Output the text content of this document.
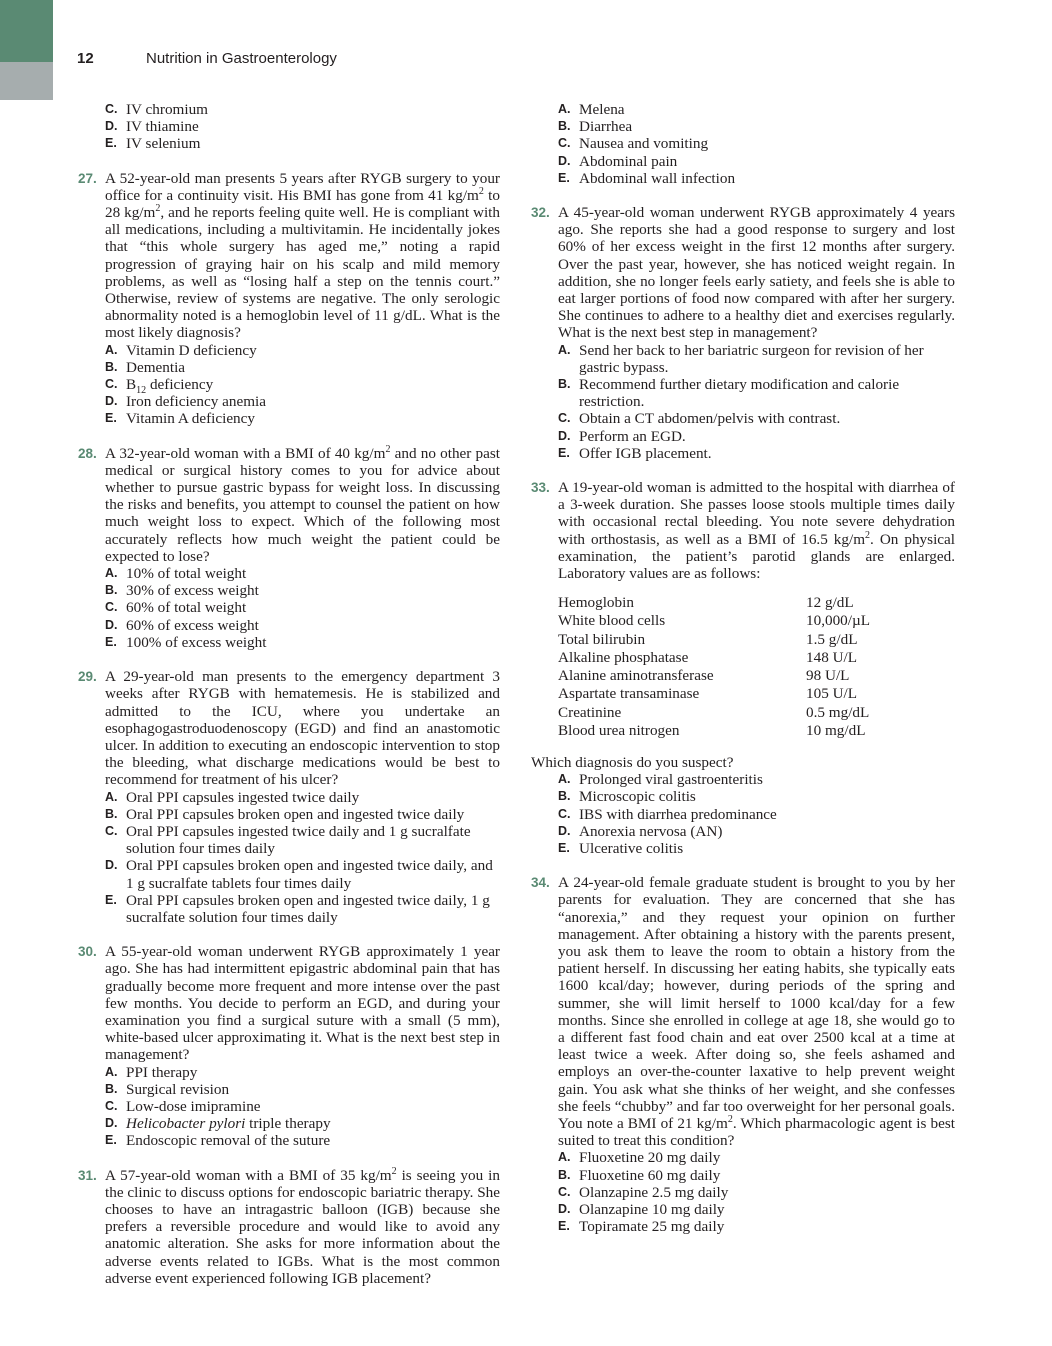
12	Nutrition in Gastroenterology
C. IV chromium
D. IV thiamine
E. IV selenium
27. A 52-year-old man presents 5 years after RYGB surgery to your office for a continuity visit. His BMI has gone from 41 $kg/m^2$ to 28 $kg/m^2$, and he reports feeling quite well. He is compliant with all medications, including a multivitamin. He incidentally jokes that “this whole surgery has aged me,” noting a rapid progression of graying hair on his scalp and mild memory problems, as well as “losing half a step on the tennis court.” Otherwise, review of systems are negative. The only serologic abnormality noted is a hemoglobin level of 11 g/dL. What is the most likely diagnosis?
A. Vitamin D deficiency
B. Dementia
C. $B_{12}$ deficiency
D. Iron deficiency anemia
E. Vitamin A deficiency
28. A 32-year-old woman with a BMI of 40 $kg/m^2$ and no other past medical or surgical history comes to you for advice about whether to pursue gastric bypass for weight loss. In discussing the risks and benefits, you attempt to counsel the patient on how much weight loss to expect. Which of the following most accurately reflects how much weight the patient could be expected to lose?
A. 10% of total weight
B. 30% of excess weight
C. 60% of total weight
D. 60% of excess weight
E. 100% of excess weight
29. A 29-year-old man presents to the emergency department 3 weeks after RYGB with hematemesis. He is stabilized and admitted to the ICU, where you undertake an esophagogastroduodenoscopy (EGD) and find an anastomotic ulcer. In addition to executing an endoscopic intervention to stop the bleeding, what discharge medications would be best to recommend for treatment of his ulcer?
A. Oral PPI capsules ingested twice daily
B. Oral PPI capsules broken open and ingested twice daily
C. Oral PPI capsules ingested twice daily and 1 g sucralfate solution four times daily
D. Oral PPI capsules broken open and ingested twice daily, and 1 g sucralfate tablets four times daily
E. Oral PPI capsules broken open and ingested twice daily, 1 g sucralfate solution four times daily
30. A 55-year-old woman underwent RYGB approximately 1 year ago. She has had intermittent epigastric abdominal pain that has gradually become more frequent and more intense over the past few months. You decide to perform an EGD, and during your examination you find a surgical suture with a small (5 mm), white-based ulcer approximating it. What is the next best step in management?
A. PPI therapy
B. Surgical revision
C. Low-dose imipramine
D. Helicobacter pylori triple therapy
E. Endoscopic removal of the suture
31. A 57-year-old woman with a BMI of 35 $kg/m^2$ is seeing you in the clinic to discuss options for endoscopic bariatric therapy. She chooses to have an intragastric balloon (IGB) because she prefers a reversible procedure and would like to avoid any anatomic alteration. She asks for more information about the adverse events related to IGBs. What is the most common adverse event experienced following IGB placement?
A. Melena
B. Diarrhea
C. Nausea and vomiting
D. Abdominal pain
E. Abdominal wall infection
32. A 45-year-old woman underwent RYGB approximately 4 years ago. She reports she had a good response to surgery and lost 60% of her excess weight in the first 12 months after surgery. Over the past year, however, she has noticed weight regain. In addition, she no longer feels early satiety, and feels she is able to eat larger portions of food now compared with after her surgery. She continues to adhere to a healthy diet and exercises regularly. What is the next best step in management?
A. Send her back to her bariatric surgeon for revision of her gastric bypass.
B. Recommend further dietary modification and calorie restriction.
C. Obtain a CT abdomen/pelvis with contrast.
D. Perform an EGD.
E. Offer IGB placement.
33. A 19-year-old woman is admitted to the hospital with diarrhea of a 3-week duration. She passes loose stools multiple times daily with occasional rectal bleeding. You note severe dehydration with orthostasis, as well as a BMI of 16.5 $kg/m^2$. On physical examination, the patient’s parotid glands are enlarged. Laboratory values are as follows:
Hemoglobin	12 g/dL
White blood cells	10,000/µL
Total bilirubin	1.5 g/dL
Alkaline phosphatase	148 U/L
Alanine aminotransferase	98 U/L
Aspartate transaminase	105 U/L
Creatinine	0.5 mg/dL
Blood urea nitrogen	10 mg/dL
Which diagnosis do you suspect?
A. Prolonged viral gastroenteritis
B. Microscopic colitis
C. IBS with diarrhea predominance
D. Anorexia nervosa (AN)
E. Ulcerative colitis
34. A 24-year-old female graduate student is brought to you by her parents for evaluation. They are concerned that she has “anorexia,” and they request your opinion on further management. After obtaining a history with the parents present, you ask them to leave the room to obtain a history from the patient herself. In discussing her eating habits, she typically eats 1600 kcal/day; however, during periods of the spring and summer, she will limit herself to 1000 kcal/day for a few months. Since she enrolled in college at age 18, she would go to a different fast food chain and eat over 2500 kcal at a time at least twice a week. After doing so, she feels ashamed and employs an over-the-counter laxative to help prevent weight gain. You ask what she thinks of her weight, and she confesses she feels “chubby” and far too overweight for her personal goals. You note a BMI of 21 $kg/m^2$. Which pharmacologic agent is best suited to treat this condition?
A. Fluoxetine 20 mg daily
B. Fluoxetine 60 mg daily
C. Olanzapine 2.5 mg daily
D. Olanzapine 10 mg daily
E. Topiramate 25 mg daily
